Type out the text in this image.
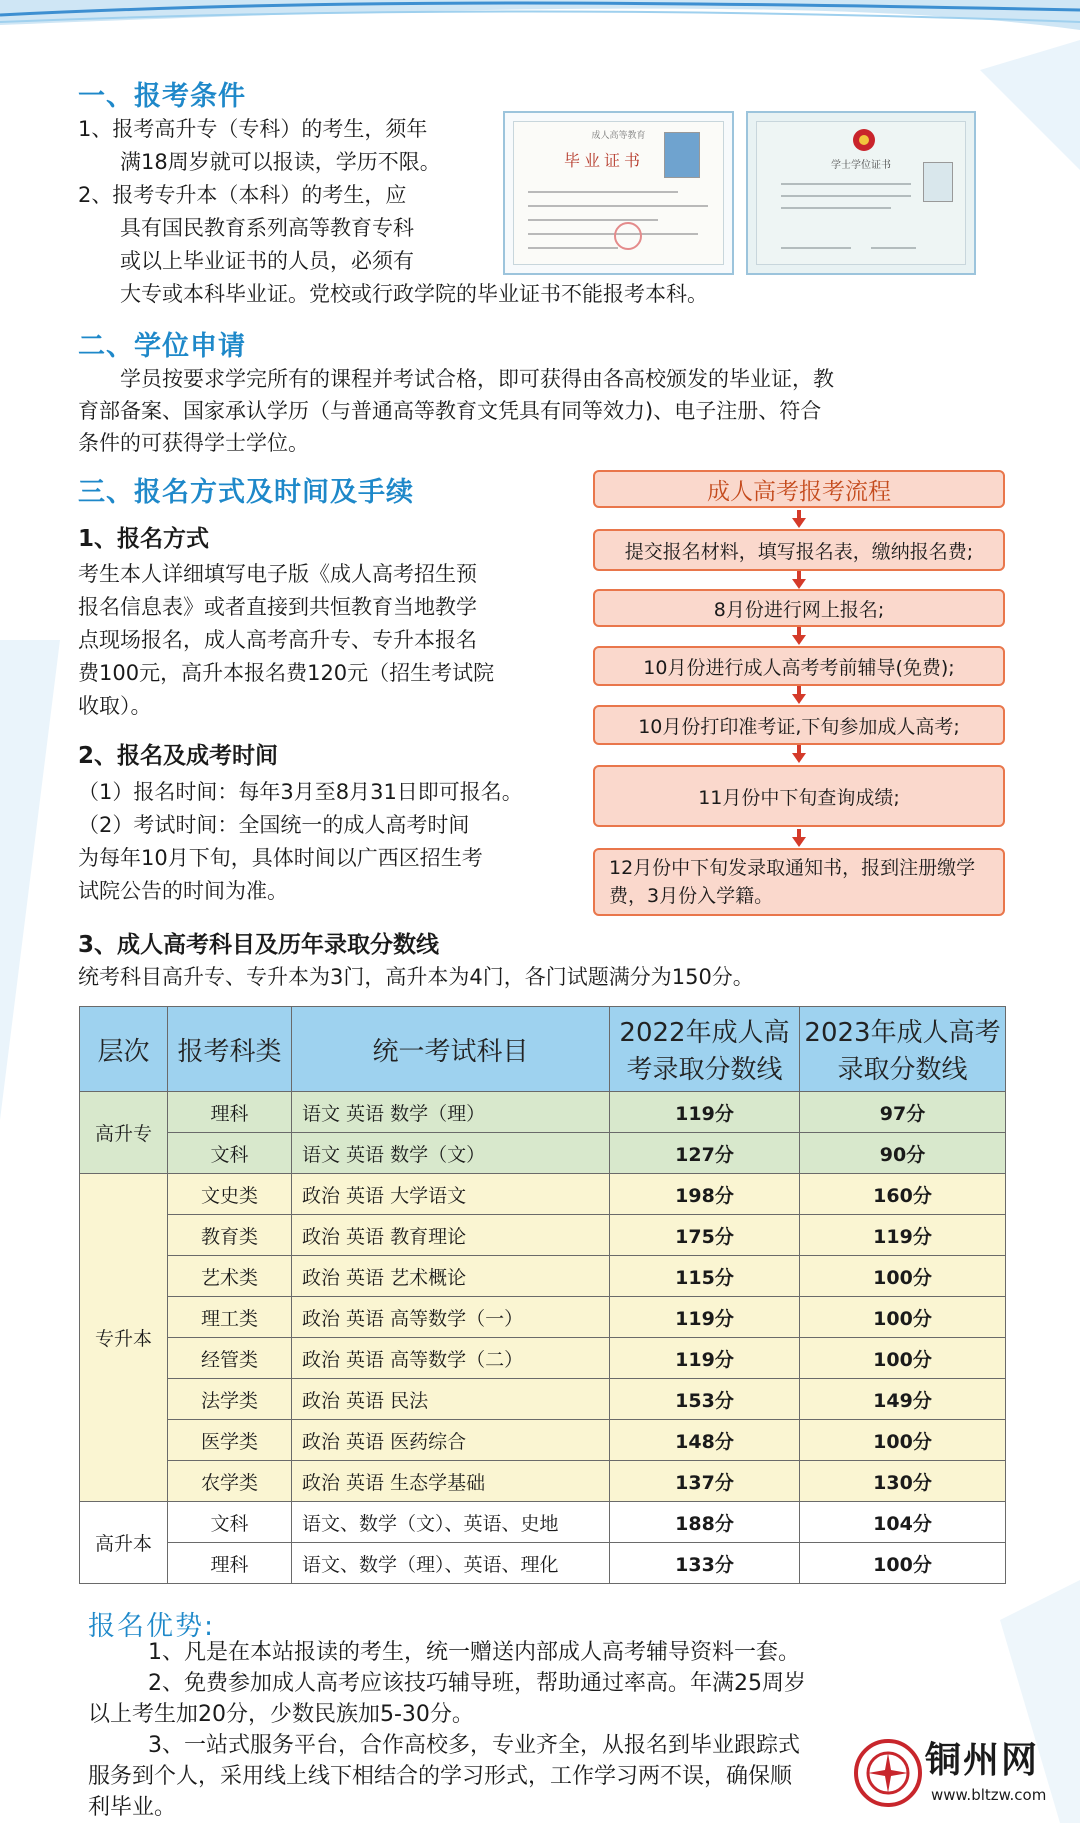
一、报考条件

1、报考高升专（专科）的考生，须年

满18周岁就可以报读，学历不限。

2、报考专升本（本科）的考生，应

具有国民教育系列高等教育专科

或以上毕业证书的人员，必须有

大专或本科毕业证。党校或行政学院的毕业证书不能报考本科。

成人高等教育
毕业证书	学士学位证书
二、学位申请

学员按要求学完所有的课程并考试合格，即可获得由各高校颁发的毕业证，教

育部备案、国家承认学历（与普通高等教育文凭具有同等效力)、电子注册、符合

条件的可获得学士学位。

三、报名方式及时间及手续
1、报名方式

考生本人详细填写电子版《成人高考招生预

报名信息表》或者直接到共恒教育当地教学

点现场报名，成人高考高升专、专升本报名

费100元，高升本报名费120元（招生考试院

收取）。

2、报名及成考时间

（1）报名时间：每年3月至8月31日即可报名。

（2）考试时间：全国统一的成人高考时间

为每年10月下旬，具体时间以广西区招生考

试院公告的时间为准。

3、成人高考科目及历年录取分数线

统考科目高升专、专升本为3门，高升本为4门，各门试题满分为150分。

成人高考报考流程
提交报名材料，填写报名表，缴纳报名费;
8月份进行网上报名;
10月份进行成人高考考前辅导(免费);
10月份打印准考证,下旬参加成人高考;
11月份中下旬查询成绩;
12月份中下旬发录取通知书，报到注册缴学费，3月份入学籍。
层次	报考科类	统一考试科目	2022年成人高考录取分数线	2023年成人高考录取分数线
高升专	理科	语文 英语 数学（理）	119分	97分
	文科	语文 英语 数学（文）	127分	90分
专升本	文史类	政治 英语 大学语文	198分	160分
	教育类	政治 英语 教育理论	175分	119分
	艺术类	政治 英语 艺术概论	115分	100分
	理工类	政治 英语 高等数学（一）	119分	100分
	经管类	政治 英语 高等数学（二）	119分	100分
	法学类	政治 英语 民法	153分	149分
	医学类	政治 英语 医药综合	148分	100分
	农学类	政治 英语 生态学基础	137分	130分
高升本	文科	语文、数学（文）、英语、史地	188分	104分
	理科	语文、数学（理）、英语、理化	133分	100分
报名优势:

1、凡是在本站报读的考生，统一赠送内部成人高考辅导资料一套。

2、免费参加成人高考应该技巧辅导班，帮助通过率高。年满25周岁

以上考生加20分，少数民族加5-30分。

3、一站式服务平台，合作高校多，专业齐全，从报名到毕业跟踪式

服务到个人，采用线上线下相结合的学习形式，工作学习两不误，确保顺

利毕业。

铜州网
www.bltzw.com
